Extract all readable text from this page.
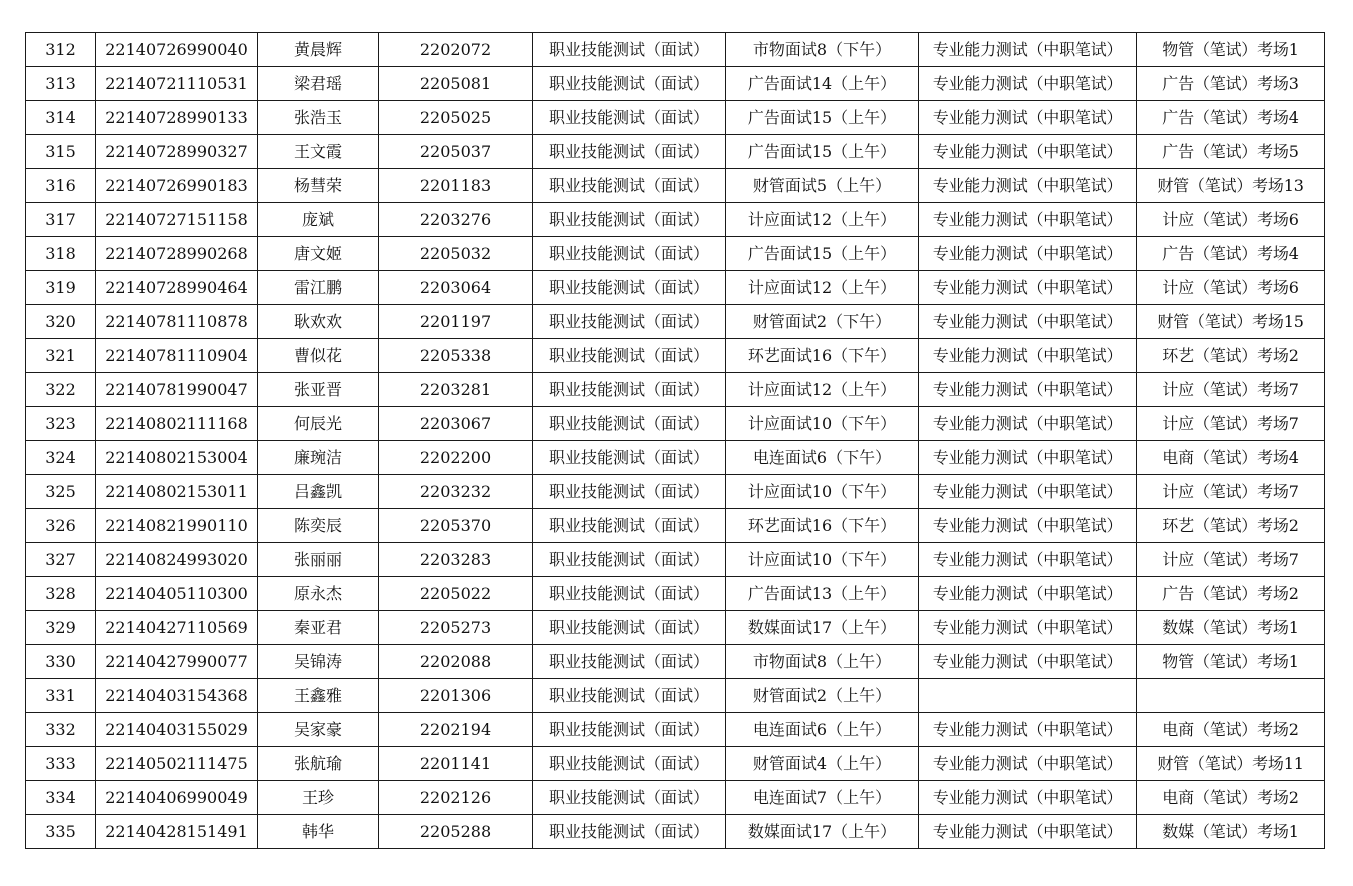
312	22140726990040	黄晨辉	2202072	职业技能测试（面试）	市物面试8（下午）	专业能力测试（中职笔试）	物管（笔试）考场1
313	22140721110531	梁君瑶	2205081	职业技能测试（面试）	广告面试14（上午）	专业能力测试（中职笔试）	广告（笔试）考场3
314	22140728990133	张浩玉	2205025	职业技能测试（面试）	广告面试15（上午）	专业能力测试（中职笔试）	广告（笔试）考场4
315	22140728990327	王文霞	2205037	职业技能测试（面试）	广告面试15（上午）	专业能力测试（中职笔试）	广告（笔试）考场5
316	22140726990183	杨彗荣	2201183	职业技能测试（面试）	财管面试5（上午）	专业能力测试（中职笔试）	财管（笔试）考场13
317	22140727151158	庞斌	2203276	职业技能测试（面试）	计应面试12（上午）	专业能力测试（中职笔试）	计应（笔试）考场6
318	22140728990268	唐文姬	2205032	职业技能测试（面试）	广告面试15（上午）	专业能力测试（中职笔试）	广告（笔试）考场4
319	22140728990464	雷江鹏	2203064	职业技能测试（面试）	计应面试12（上午）	专业能力测试（中职笔试）	计应（笔试）考场6
320	22140781110878	耿欢欢	2201197	职业技能测试（面试）	财管面试2（下午）	专业能力测试（中职笔试）	财管（笔试）考场15
321	22140781110904	曹似花	2205338	职业技能测试（面试）	环艺面试16（下午）	专业能力测试（中职笔试）	环艺（笔试）考场2
322	22140781990047	张亚晋	2203281	职业技能测试（面试）	计应面试12（上午）	专业能力测试（中职笔试）	计应（笔试）考场7
323	22140802111168	何辰光	2203067	职业技能测试（面试）	计应面试10（下午）	专业能力测试（中职笔试）	计应（笔试）考场7
324	22140802153004	廉琬洁	2202200	职业技能测试（面试）	电连面试6（下午）	专业能力测试（中职笔试）	电商（笔试）考场4
325	22140802153011	吕鑫凯	2203232	职业技能测试（面试）	计应面试10（下午）	专业能力测试（中职笔试）	计应（笔试）考场7
326	22140821990110	陈奕辰	2205370	职业技能测试（面试）	环艺面试16（下午）	专业能力测试（中职笔试）	环艺（笔试）考场2
327	22140824993020	张丽丽	2203283	职业技能测试（面试）	计应面试10（下午）	专业能力测试（中职笔试）	计应（笔试）考场7
328	22140405110300	原永杰	2205022	职业技能测试（面试）	广告面试13（上午）	专业能力测试（中职笔试）	广告（笔试）考场2
329	22140427110569	秦亚君	2205273	职业技能测试（面试）	数媒面试17（上午）	专业能力测试（中职笔试）	数媒（笔试）考场1
330	22140427990077	吴锦涛	2202088	职业技能测试（面试）	市物面试8（上午）	专业能力测试（中职笔试）	物管（笔试）考场1
331	22140403154368	王鑫雅	2201306	职业技能测试（面试）	财管面试2（上午）		
332	22140403155029	吴家豪	2202194	职业技能测试（面试）	电连面试6（上午）	专业能力测试（中职笔试）	电商（笔试）考场2
333	22140502111475	张航瑜	2201141	职业技能测试（面试）	财管面试4（上午）	专业能力测试（中职笔试）	财管（笔试）考场11
334	22140406990049	王珍	2202126	职业技能测试（面试）	电连面试7（上午）	专业能力测试（中职笔试）	电商（笔试）考场2
335	22140428151491	韩华	2205288	职业技能测试（面试）	数媒面试17（上午）	专业能力测试（中职笔试）	数媒（笔试）考场1
